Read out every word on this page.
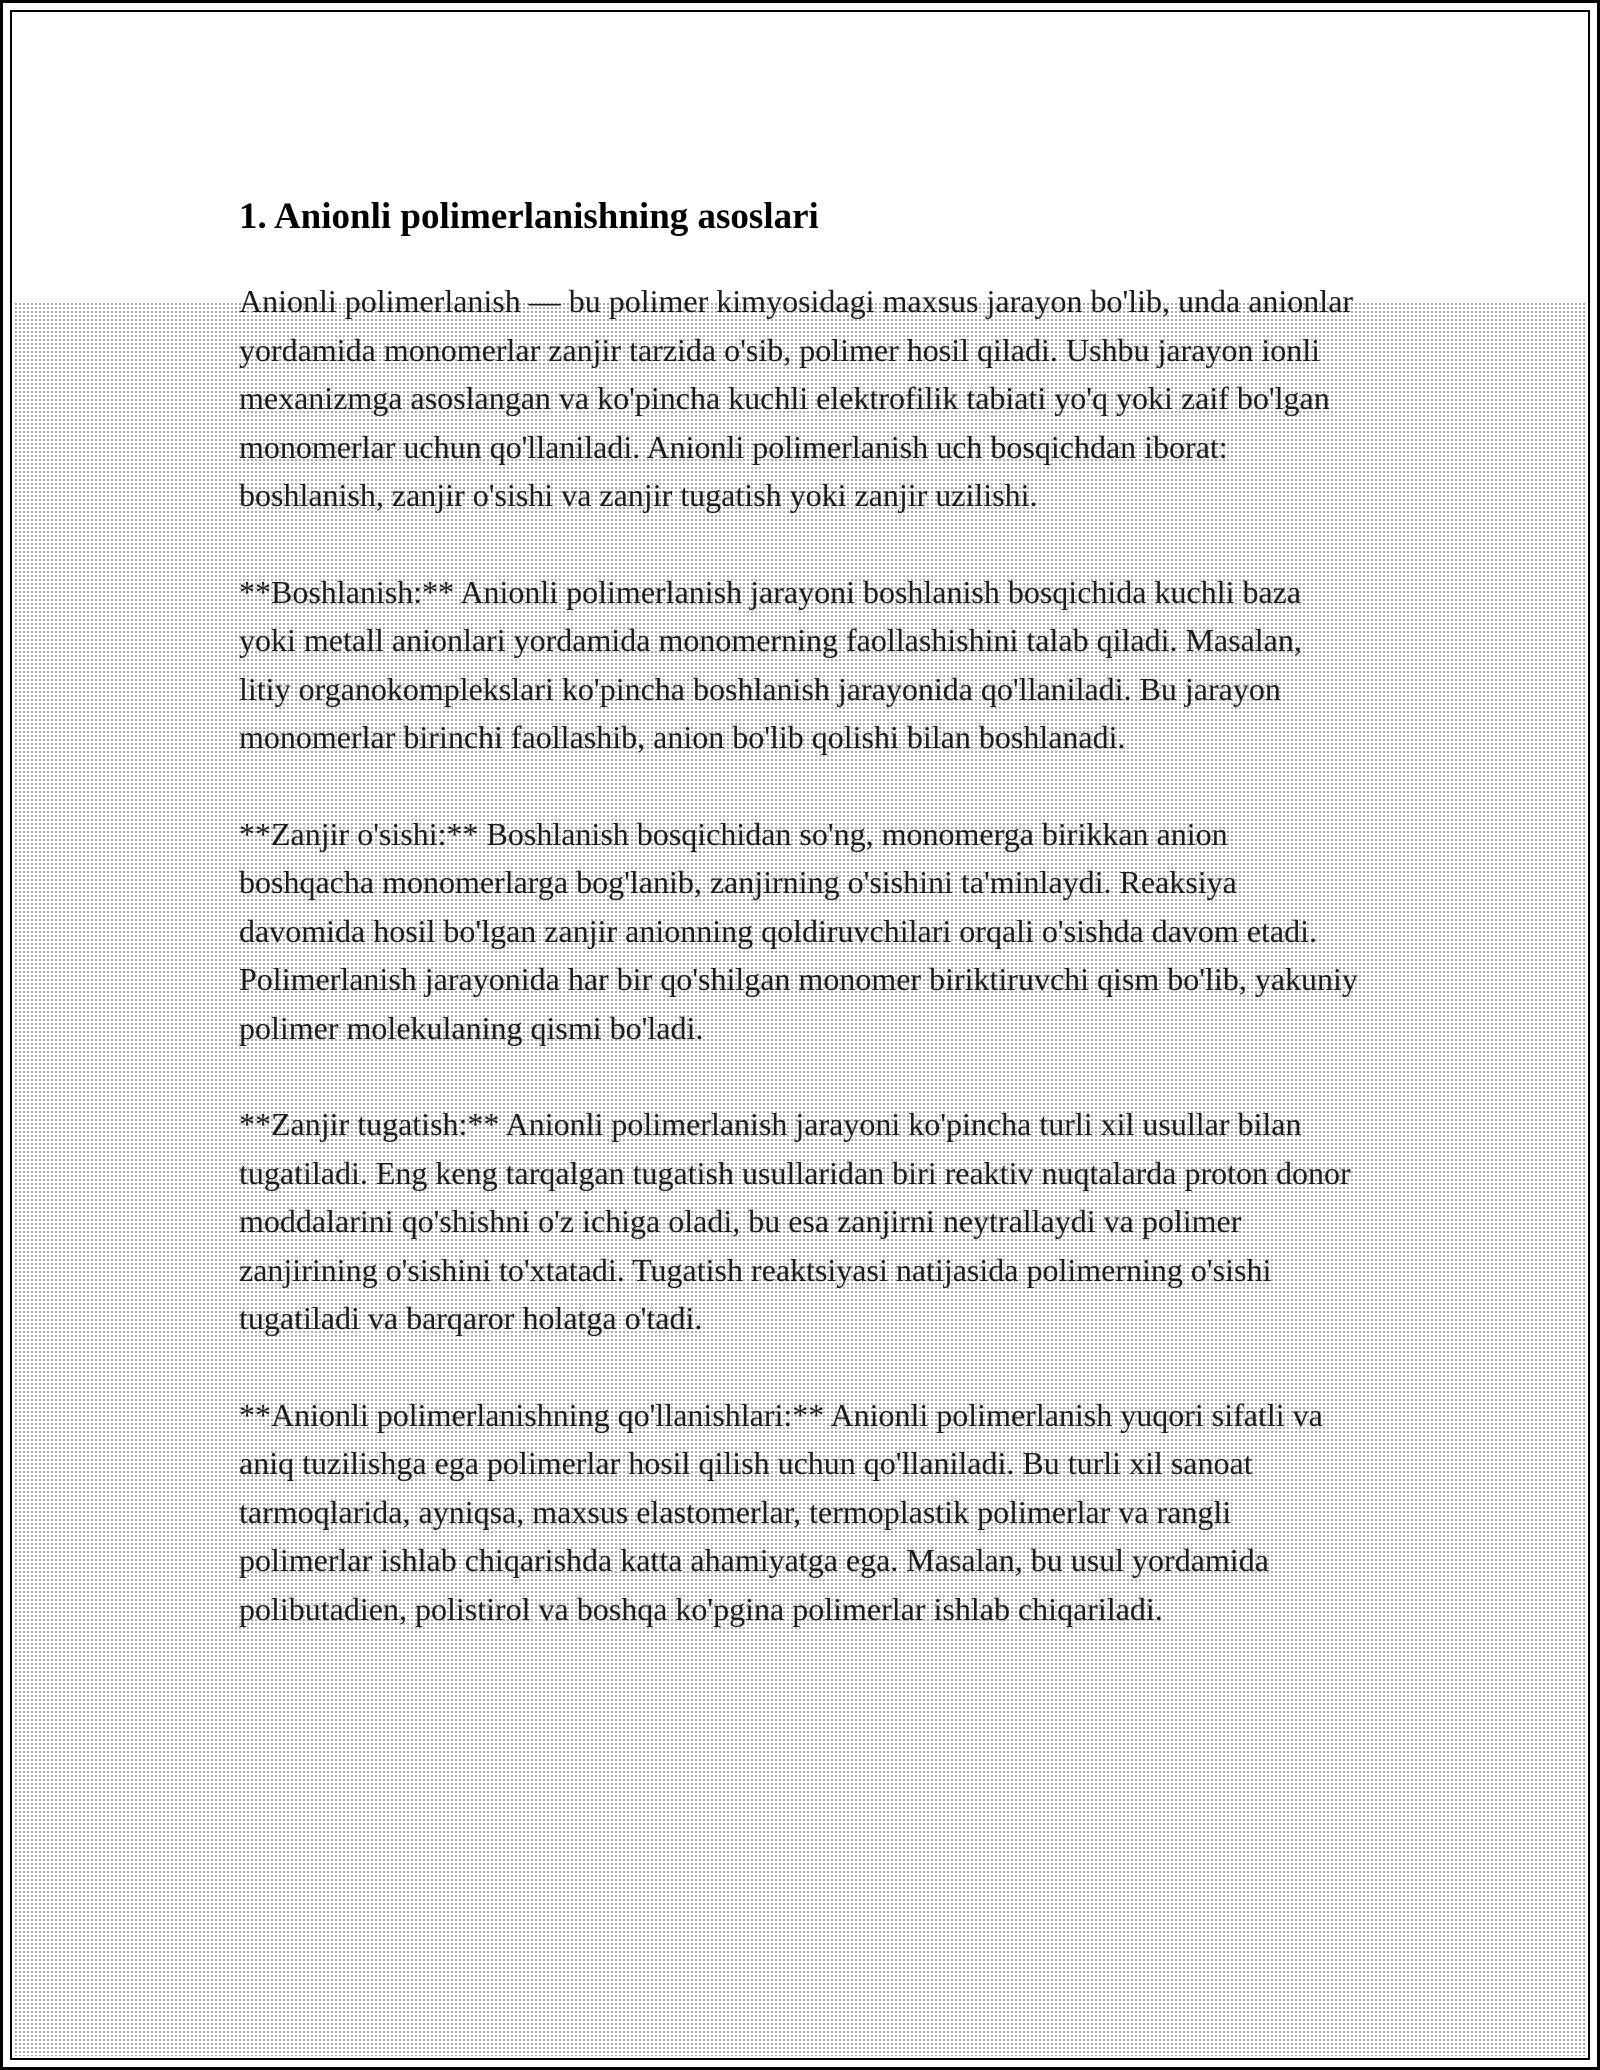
1. Anionli polimerlanishning asoslari

Anionli polimerlanish — bu polimer kimyosidagi maxsus jarayon bo'lib, unda anionlar yordamida monomerlar zanjir tarzida o'sib, polimer hosil qiladi. Ushbu jarayon ionli mexanizmga asoslangan va ko'pincha kuchli elektrofilik tabiati yo'q yoki zaif bo'lgan monomerlar uchun qo'llaniladi. Anionli polimerlanish uch bosqichdan iborat: boshlanish, zanjir o'sishi va zanjir tugatish yoki zanjir uzilishi.

**Boshlanish:** Anionli polimerlanish jarayoni boshlanish bosqichida kuchli baza yoki metall anionlari yordamida monomerning faollashishini talab qiladi. Masalan, litiy organokomplekslari ko'pincha boshlanish jarayonida qo'llaniladi. Bu jarayon monomerlar birinchi faollashib, anion bo'lib qolishi bilan boshlanadi.

**Zanjir o'sishi:** Boshlanish bosqichidan so'ng, monomerga birikkan anion boshqacha monomerlarga bog'lanib, zanjirning o'sishini ta'minlaydi. Reaksiya davomida hosil bo'lgan zanjir anionning qoldiruvchilari orqali o'sishda davom etadi. Polimerlanish jarayonida har bir qo'shilgan monomer biriktiruvchi qism bo'lib, yakuniy polimer molekulaning qismi bo'ladi.

**Zanjir tugatish:** Anionli polimerlanish jarayoni ko'pincha turli xil usullar bilan tugatiladi. Eng keng tarqalgan tugatish usullaridan biri reaktiv nuqtalarda proton donor moddalarini qo'shishni o'z ichiga oladi, bu esa zanjirni neytrallaydi va polimer zanjirining o'sishini to'xtatadi. Tugatish reaktsiyasi natijasida polimerning o'sishi tugatiladi va barqaror holatga o'tadi.

**Anionli polimerlanishning qo'llanishlari:** Anionli polimerlanish yuqori sifatli va aniq tuzilishga ega polimerlar hosil qilish uchun qo'llaniladi. Bu turli xil sanoat tarmoqlarida, ayniqsa, maxsus elastomerlar, termoplastik polimerlar va rangli polimerlar ishlab chiqarishda katta ahamiyatga ega. Masalan, bu usul yordamida polibutadien, polistirol va boshqa ko'pgina polimerlar ishlab chiqariladi.
